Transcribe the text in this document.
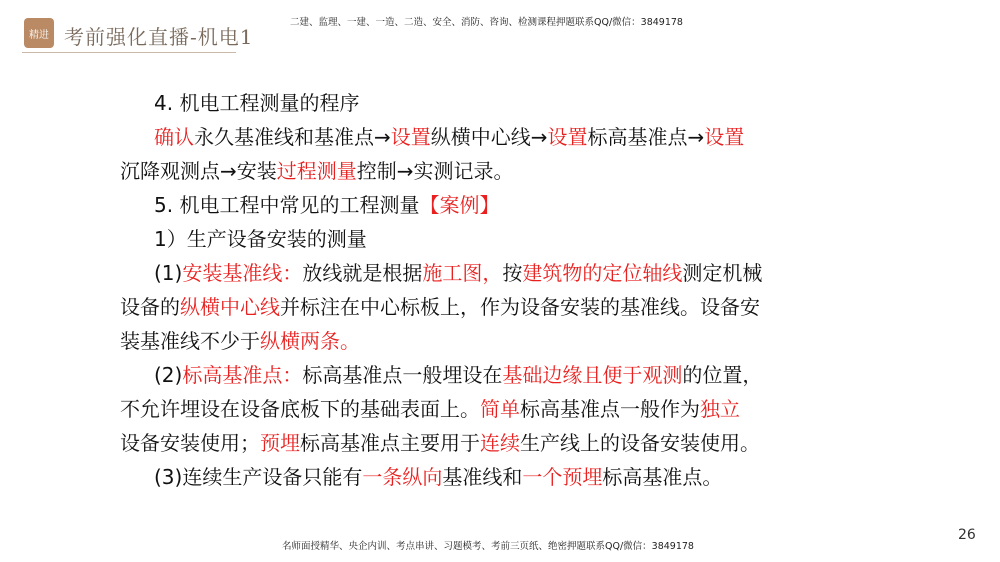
精进 考前强化直播-机电1
二建、监理、一建、一造、二造、安全、消防、咨询、检测课程押题联系QQ/微信：3849178
4. 机电工程测量的程序
确认永久基准线和基准点→设置纵横中心线→设置标高基准点→设置
沉降观测点→安装过程测量控制→实测记录。
5. 机电工程中常见的工程测量【案例】
1）生产设备安装的测量
(1)安装基准线：放线就是根据施工图，按建筑物的定位轴线测定机械
设备的纵横中心线并标注在中心标板上，作为设备安装的基准线。设备安
装基准线不少于纵横两条。
(2)标高基准点：标高基准点一般埋设在基础边缘且便于观测的位置，
不允许埋设在设备底板下的基础表面上。简单标高基准点一般作为独立
设备安装使用；预埋标高基准点主要用于连续生产线上的设备安装使用。
(3)连续生产设备只能有一条纵向基准线和一个预埋标高基准点。
名师面授精华、央企内训、考点串讲、习题模考、考前三页纸、绝密押题联系QQ/微信：3849178
26
